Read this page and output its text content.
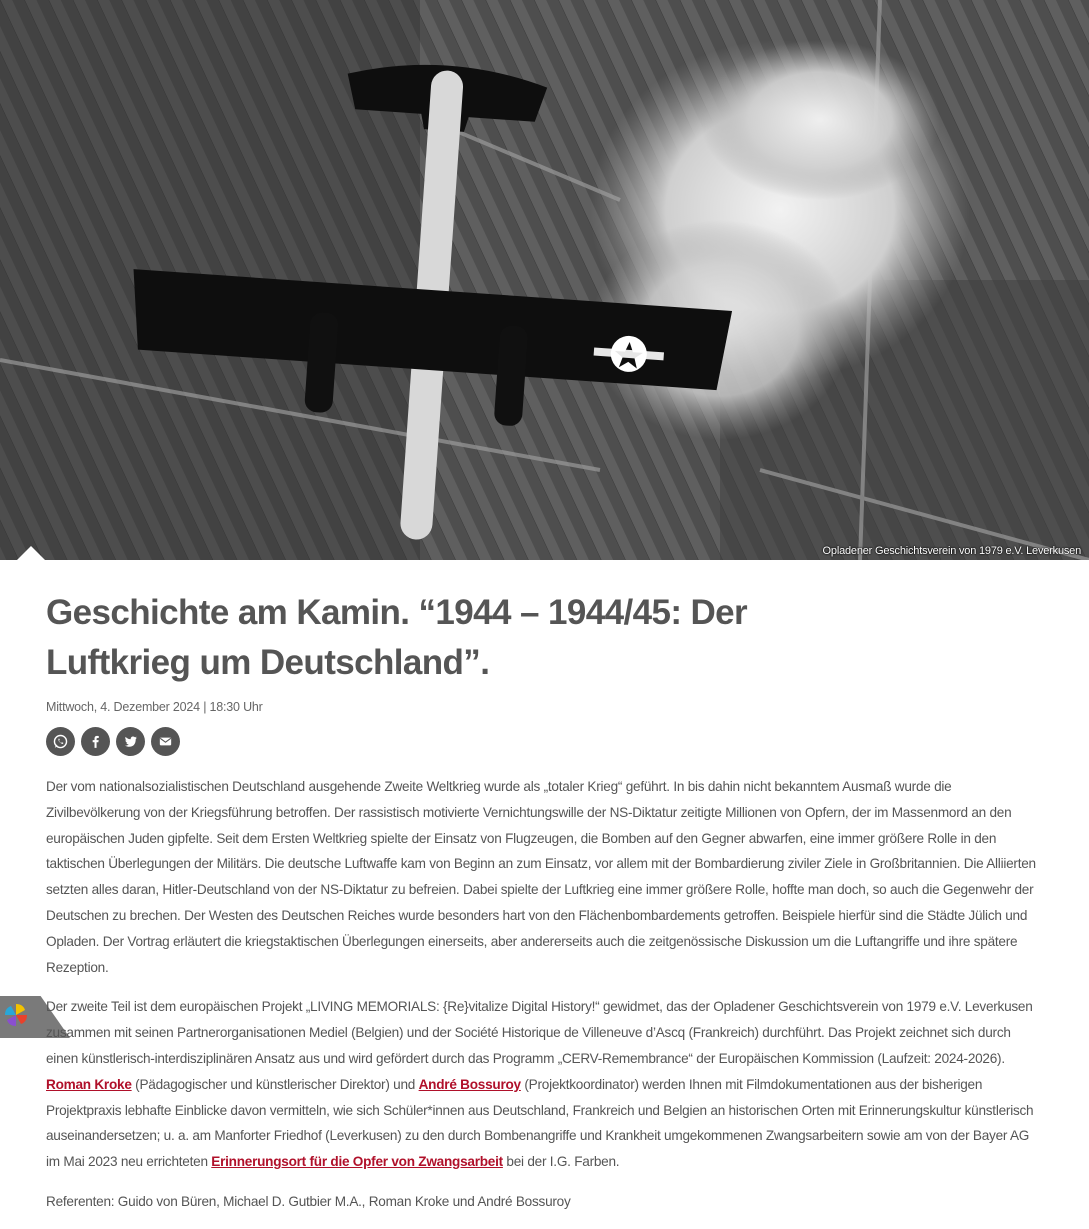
Opladener Geschichtsverein von 1979 e.V. Leverkusen
Geschichte am Kamin. “1944 – 1944/45: Der Luftkrieg um Deutschland”.
Mittwoch, 4. Dezember 2024 | 18:30 Uhr

Der vom nationalsozialistischen Deutschland ausgehende Zweite Weltkrieg wurde als „totaler Krieg“ geführt. In bis dahin nicht bekanntem Ausmaß wurde die Zivilbevölkerung von der Kriegsführung betroffen. Der rassistisch motivierte Vernichtungswille der NS-Diktatur zeitigte Millionen von Opfern, der im Massenmord an den europäischen Juden gipfelte. Seit dem Ersten Weltkrieg spielte der Einsatz von Flugzeugen, die Bomben auf den Gegner abwarfen, eine immer größere Rolle in den taktischen Überlegungen der Militärs. Die deutsche Luftwaffe kam von Beginn an zum Einsatz, vor allem mit der Bombardierung ziviler Ziele in Großbritannien. Die Alliierten setzten alles daran, Hitler-Deutschland von der NS-Diktatur zu befreien. Dabei spielte der Luftkrieg eine immer größere Rolle, hoffte man doch, so auch die Gegenwehr der Deutschen zu brechen. Der Westen des Deutschen Reiches wurde besonders hart von den Flächenbombardements getroffen. Beispiele hierfür sind die Städte Jülich und Opladen. Der Vortrag erläutert die kriegstaktischen Überlegungen einerseits, aber andererseits auch die zeitgenössische Diskussion um die Luftangriffe und ihre spätere Rezeption.

Der zweite Teil ist dem europäischen Projekt „LIVING MEMORIALS: {Re}vitalize Digital History!“ gewidmet, das der Opladener Geschichtsverein von 1979 e.V. Leverkusen zusammen mit seinen Partnerorganisationen Mediel (Belgien) und der Société Historique de Villeneuve d’Ascq (Frankreich) durchführt. Das Projekt zeichnet sich durch einen künstlerisch-interdisziplinären Ansatz aus und wird gefördert durch das Programm „CERV-Remembrance“ der Europäischen Kommission (Laufzeit: 2024-2026). Roman Kroke (Pädagogischer und künstlerischer Direktor) und André Bossuroy (Projektkoordinator) werden Ihnen mit Filmdokumentationen aus der bisherigen Projektpraxis lebhafte Einblicke davon vermitteln, wie sich Schüler*innen aus Deutschland, Frankreich und Belgien an historischen Orten mit Erinnerungskultur künstlerisch auseinandersetzen; u. a. am Manforter Friedhof (Leverkusen) zu den durch Bombenangriffe und Krankheit umgekommenen Zwangsarbeitern sowie am von der Bayer AG im Mai 2023 neu errichteten Erinnerungsort für die Opfer von Zwangsarbeit bei der I.G. Farben.

Referenten: Guido von Büren, Michael D. Gutbier M.A., Roman Kroke und André Bossuroy
